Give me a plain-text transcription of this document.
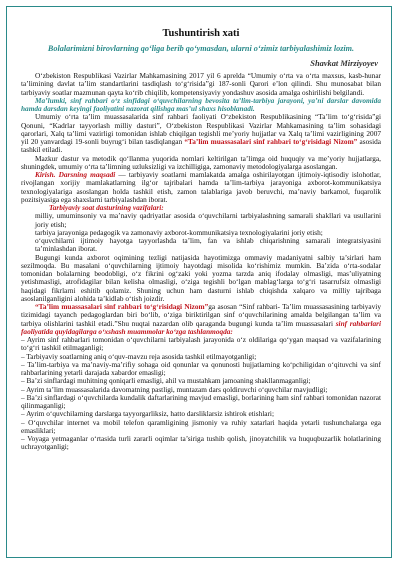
Tushuntirish xati
Bolalarimizni birovlarning qo‘liga berib qo‘ymasdan, ularni o‘zimiz tarbiyalashimiz lozim.
Shavkat Mirziyoyev

O‘zbekiston Respublikasi Vazirlar Mahkamasining 2017 yil 6 aprelda “Umumiy o‘rta va o‘rta maxsus, kasb-hunar ta’limining davlat ta’lim standartlarini tasdiqlash to‘g‘risida”gi 187-sonli Qarori e’lon qilindi. Shu munosabat bilan tarbiyaviy soatlar mazmunan qayta ko‘rib chiqilib, kompetensiyaviy yondashuv asosida amalga oshirilishi belgilandi.

Ma’lumki, sinf rahbari o‘z sinfidagi o‘quvchilarning bevosita ta’lim-tarbiya jarayoni, ya’ni darslar davomida hamda darsdan keyingi faoliyatini nazorat qilishga mas’ul shaxs hisoblanadi.

Umumiy o‘rta ta’lim muassasalarida sinf rahbari faoliyati O‘zbekiston Respublikasining “Ta’lim to‘g‘risida”gi Qonuni, “Kadrlar tayyorlash milliy dasturi”, O‘zbekiston Respublikasi Vazirlar Mahkamasining ta’lim sohasidagi qarorlari, Xalq ta’limi vazirligi tomonidan ishlab chiqilgan tegishli me’yoriy hujjatlar va Xalq ta’limi vazirligining 2007 yil 20 yanvardagi 19-sonli buyrug‘i bilan tasdiqlangan “Ta’lim muassasalari sinf rahbari to‘g‘risidagi Nizom” asosida tashkil etiladi.

Mazkur dastur va metodik qo‘llanma yuqorida nomlari keltirilgan ta’limga oid huquqiy va me’yoriy hujjatlarga, shuningdek, umumiy o‘rta ta’limning uzluksizligi va izchilligiga, zamonaviy metodologiyalarga asoslangan.

Kirish. Darsning maqsadi — tarbiyaviy soatlarni mamlakatda amalga oshirilayotgan ijtimoiy-iqtisodiy islohotlar, rivojlangan xorijiy mamlakatlarning ilg‘or tajribalari hamda ta’lim-tarbiya jarayoniga axborot-kommunikatsiya texnologiyalariga asoslangan holda tashkil etish, zamon talablariga javob beruvchi, ma’naviy barkamol, fuqarolik pozitsiyasiga ega shaxslarni tarbiyalashdan iborat.

Tarbiyaviy soat dasturining vazifalari:

milliy, umuminsoniy va ma’naviy qadriyatlar asosida o‘quvchilarni tarbiyalashning samarali shakllari va usullarini joriy etish;

tarbiya jarayoniga pedagogik va zamonaviy axborot-kommunikatsiya texnologiyalarini joriy etish;

o‘quvchilarni ijtimoiy hayotga tayyorlashda ta’lim, fan va ishlab chiqarishning samarali integratsiyasini ta’minlashdan iborat.

Bugungi kunda axborot oqimining tezligi natijasida hayotimizga ommaviy madaniyatni salbiy ta’sirlari ham sezilmoqda. Bu masalani o‘quvchilarning ijtimoiy hayotdagi misolida ko‘rishimiz mumkin. Ba’zida o‘rta-sodalar tomonidan bolalarning beodobligi, o‘z fikrini og‘zaki yoki yozma tarzda aniq ifodalay olmasligi, mas’uliyatning yetishmasligi, atrofidagilar bilan kelisha olmasligi, o‘ziga tegishli bo‘lgan mablag‘larga to‘g‘ri tasarrufsiz olmasligi haqidagi fikrlarni eshitib qolamiz. Shuning uchun ham dasturni ishlab chiqishda xalqaro va milliy tajribaga asoslanilganligini alohida ta’kidlab o‘tish joizdir.

“Ta’lim muassasalari sinf rahbari to‘g‘risidagi Nizom”ga asosan “Sinf rahbari- Ta’lim muassasasining tarbiyaviy tizimidagi tayanch pedagoglardan biri bo‘lib, o‘ziga biriktirilgan sinf o‘quvchilarining amalda belgilangan ta’lim va tarbiya olishlarini tashkil etadi.”Shu nuqtai nazardan olib qaraganda bugungi kunda ta’lim muassasalari sinf rahbarlari faoliyatida quyidagilarga o‘xshash muammolar ko‘zga tashlanmoqda:

– Ayrim sinf rahbarlari tomonidan o‘quvchilarni tarbiyalash jarayonida o‘z oldilariga qo‘ygan maqsad va vazifalarining to‘g‘ri tashkil etilmaganligi;

– Tarbiyaviy soatlarning aniq o‘quv-mavzu reja asosida tashkil etilmayotganligi;

– Ta’lim-tarbiya va ma’naviy-ma’rifiy sohaga oid qonunlar va qonunosti hujjatlarning ko‘pchiligidan o‘qituvchi va sinf rahbarlarining yetarli darajada xabardor emasligi;

– Ba’zi sinflardagi muhitning qoniqarli emasligi, ahil va mustahkam jamoaning shakllanmaganligi;

– Ayrim ta’lim muassasalarida davomatning pastligi, muntazam dars qoldiruvchi o‘quvchilar mavjudligi;

– Ba’zi sinflardagi o‘quvchilarda kundalik daftarlarining mavjud emasligi, borlarining ham sinf rahbari tomonidan nazorat qilinmaganligi;

– Ayrim o‘quvchilarning darslarga tayyorgarliksiz, hatto darsliklarsiz ishtirok etishlari;

– O‘quvchilar internet va mobil telefon qaramligining jismoniy va ruhiy xatarlari haqida yetarli tushunchalarga ega emasliklari;

– Voyaga yetmaganlar o‘rtasida turli zararli oqimlar ta’siriga tushib qolish, jinoyatchilik va huquqbuzarlik holatlarining uchrayotganligi;
